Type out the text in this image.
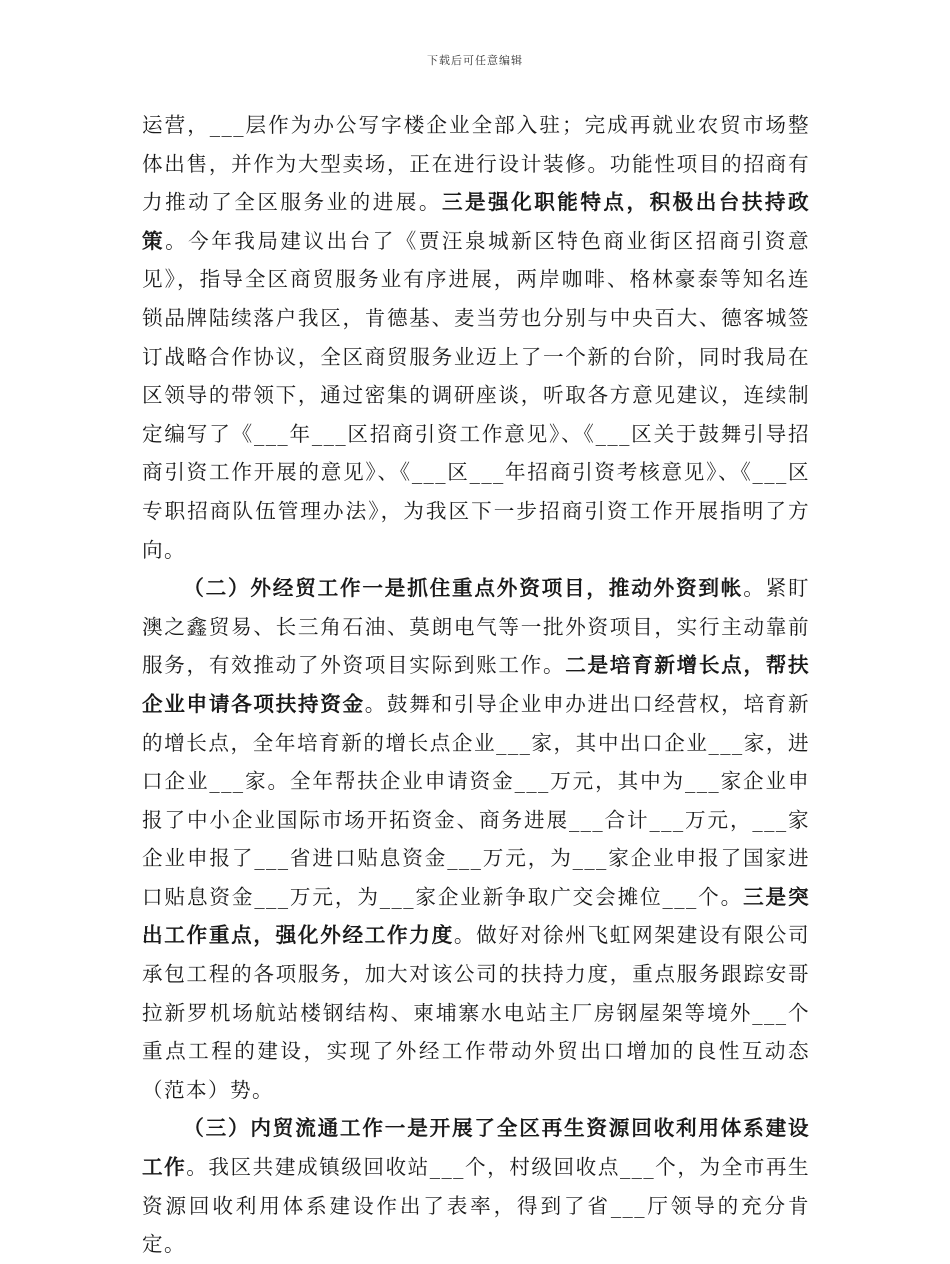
下载后可任意编辑

运营，___层作为办公写字楼企业全部入驻；完成再就业农贸市场整体出售，并作为大型卖场，正在进行设计装修。功能性项目的招商有力推动了全区服务业的进展。三是强化职能特点，积极出台扶持政策。今年我局建议出台了《贾汪泉城新区特色商业街区招商引资意见》，指导全区商贸服务业有序进展，两岸咖啡、格林豪泰等知名连锁品牌陆续落户我区，肯德基、麦当劳也分别与中央百大、德客城签订战略合作协议，全区商贸服务业迈上了一个新的台阶，同时我局在区领导的带领下，通过密集的调研座谈，听取各方意见建议，连续制定编写了《___年___区招商引资工作意见》、《___区关于鼓舞引导招商引资工作开展的意见》、《___区___年招商引资考核意见》、《___区专职招商队伍管理办法》，为我区下一步招商引资工作开展指明了方向。

（二）外经贸工作一是抓住重点外资项目，推动外资到帐。紧盯澳之鑫贸易、长三角石油、莫朗电气等一批外资项目，实行主动靠前服务，有效推动了外资项目实际到账工作。二是培育新增长点，帮扶企业申请各项扶持资金。鼓舞和引导企业申办进出口经营权，培育新的增长点，全年培育新的增长点企业___家，其中出口企业___家，进口企业___家。全年帮扶企业申请资金___万元，其中为___家企业申报了中小企业国际市场开拓资金、商务进展___合计___万元，___家企业申报了___省进口贴息资金___万元，为___家企业申报了国家进口贴息资金___万元，为___家企业新争取广交会摊位___个。三是突出工作重点，强化外经工作力度。做好对徐州飞虹网架建设有限公司承包工程的各项服务，加大对该公司的扶持力度，重点服务跟踪安哥拉新罗机场航站楼钢结构、柬埔寨水电站主厂房钢屋架等境外___个重点工程的建设，实现了外经工作带动外贸出口增加的良性互动态（范本）势。

（三）内贸流通工作一是开展了全区再生资源回收利用体系建设工作。我区共建成镇级回收站___个，村级回收点___个，为全市再生资源回收利用体系建设作出了表率，得到了省___厅领导的充分肯定。
